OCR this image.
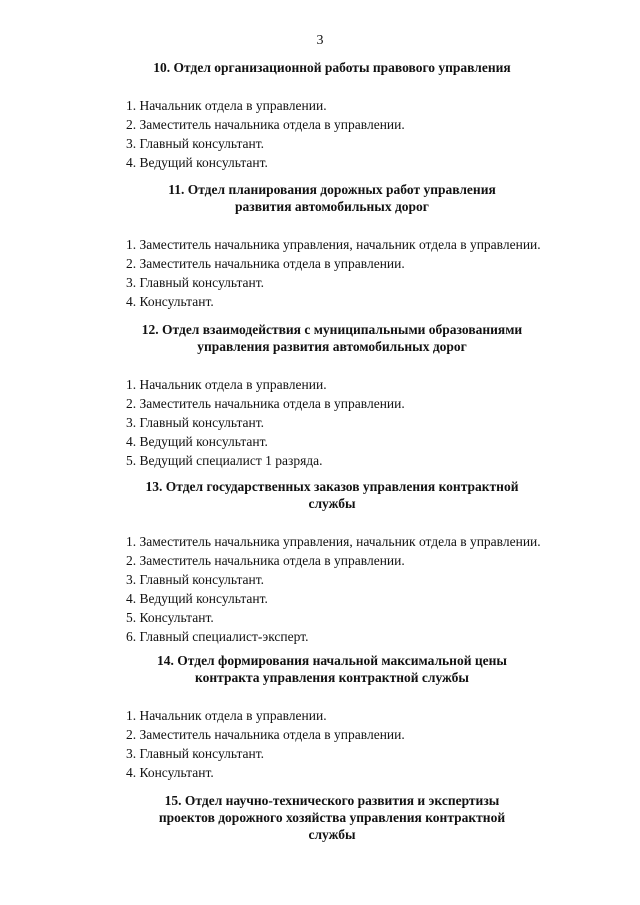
3
10. Отдел организационной работы правового управления
1. Начальник отдела в управлении.
2. Заместитель начальника отдела в управлении.
3. Главный консультант.
4. Ведущий консультант.
11. Отдел планирования дорожных работ управления
развития автомобильных дорог
1. Заместитель начальника управления, начальник отдела в управлении.
2. Заместитель начальника отдела в управлении.
3. Главный консультант.
4. Консультант.
12. Отдел взаимодействия с муниципальными образованиями
управления развития автомобильных дорог
1. Начальник отдела в управлении.
2. Заместитель начальника отдела в управлении.
3. Главный консультант.
4. Ведущий консультант.
5. Ведущий специалист 1 разряда.
13. Отдел государственных заказов управления контрактной
службы
1. Заместитель начальника управления, начальник отдела в управлении.
2. Заместитель начальника отдела в управлении.
3. Главный консультант.
4. Ведущий консультант.
5. Консультант.
6. Главный специалист-эксперт.
14. Отдел формирования начальной максимальной цены
контракта управления контрактной службы
1. Начальник отдела в управлении.
2. Заместитель начальника отдела в управлении.
3. Главный консультант.
4. Консультант.
15. Отдел научно-технического развития и экспертизы
проектов дорожного хозяйства управления контрактной
службы
